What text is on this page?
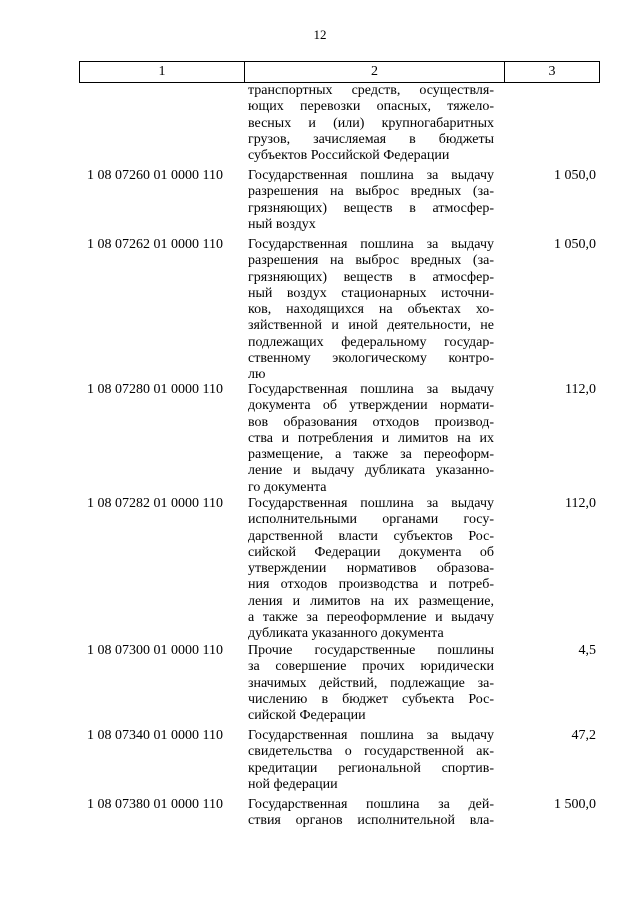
12
1	2	3
транспортных средств, осуществля-
ющих перевозки опасных, тяжело-
весных и (или) крупногабаритных
грузов, зачисляемая в бюджеты
субъектов Российской Федерации
1 08 07260 01 0000 110	Государственная пошлина за выдачу
разрешения на выброс вредных (за-
грязняющих) веществ в атмосфер-
ный воздух
1 050,0
1 08 07262 01 0000 110	Государственная пошлина за выдачу
разрешения на выброс вредных (за-
грязняющих) веществ в атмосфер-
ный воздух стационарных источни-
ков, находящихся на объектах хо-
зяйственной и иной деятельности, не
подлежащих федеральному государ-
ственному экологическому контро-
лю
1 050,0
1 08 07280 01 0000 110	Государственная пошлина за выдачу
документа об утверждении нормати-
вов образования отходов производ-
ства и потребления и лимитов на их
размещение, а также за переоформ-
ление и выдачу дубликата указанно-
го документа
112,0
1 08 07282 01 0000 110	Государственная пошлина за выдачу
исполнительными органами госу-
дарственной власти субъектов Рос-
сийской Федерации документа об
утверждении нормативов образова-
ния отходов производства и потреб-
ления и лимитов на их размещение,
а также за переоформление и выдачу
дубликата указанного документа
112,0
1 08 07300 01 0000 110	Прочие государственные пошлины
за совершение прочих юридически
значимых действий, подлежащие за-
числению в бюджет субъекта Рос-
сийской Федерации
4,5
1 08 07340 01 0000 110	Государственная пошлина за выдачу
свидетельства о государственной ак-
кредитации региональной спортив-
ной федерации
47,2
1 08 07380 01 0000 110	Государственная пошлина за дей-
ствия органов исполнительной вла-
1 500,0
